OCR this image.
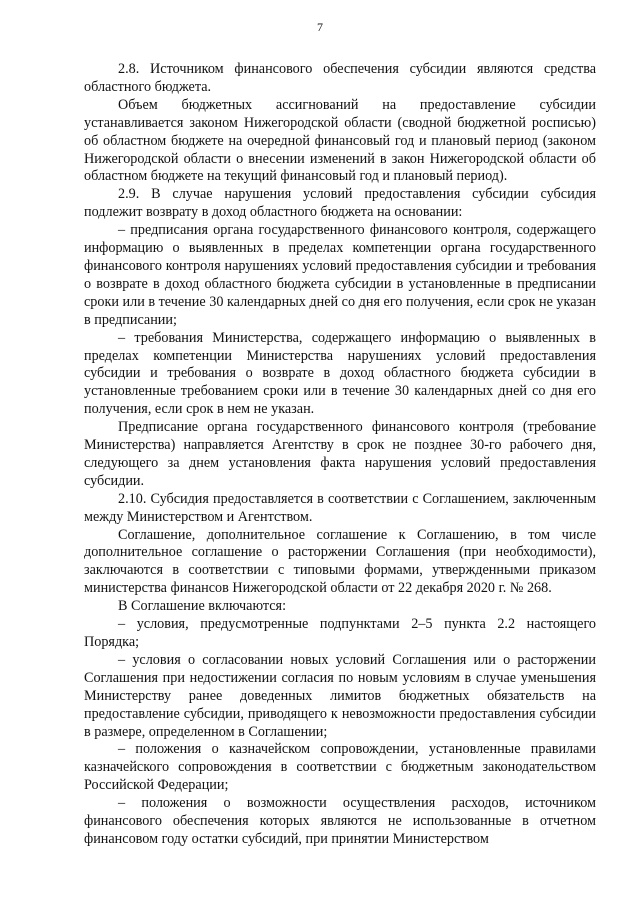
7

2.8. Источником финансового обеспечения субсидии являются средства областного бюджета.

Объем бюджетных ассигнований на предоставление субсидии устанавливается законом Нижегородской области (сводной бюджетной росписью) об областном бюджете на очередной финансовый год и плановый период (законом Нижегородской области о внесении изменений в закон Нижегородской области об областном бюджете на текущий финансовый год и плановый период).

2.9. В случае нарушения условий предоставления субсидии субсидия подлежит возврату в доход областного бюджета на основании:

– предписания органа государственного финансового контроля, содержащего информацию о выявленных в пределах компетенции органа государственного финансового контроля нарушениях условий предоставления субсидии и требования о возврате в доход областного бюджета субсидии в установленные в предписании сроки или в течение 30 календарных дней со дня его получения, если срок не указан в предписании;

– требования Министерства, содержащего информацию о выявленных в пределах компетенции Министерства нарушениях условий предоставления субсидии и требования о возврате в доход областного бюджета субсидии в установленные требованием сроки или в течение 30 календарных дней со дня его получения, если срок в нем не указан.

Предписание органа государственного финансового контроля (требование Министерства) направляется Агентству в срок не позднее 30-го рабочего дня, следующего за днем установления факта нарушения условий предоставления субсидии.

2.10. Субсидия предоставляется в соответствии с Соглашением, заключенным между Министерством и Агентством.

Соглашение, дополнительное соглашение к Соглашению, в том числе дополнительное соглашение о расторжении Соглашения (при необходимости), заключаются в соответствии с типовыми формами, утвержденными приказом министерства финансов Нижегородской области от 22 декабря 2020 г. № 268.

В Соглашение включаются:

– условия, предусмотренные подпунктами 2–5 пункта 2.2 настоящего Порядка;

– условия о согласовании новых условий Соглашения или о расторжении Соглашения при недостижении согласия по новым условиям в случае уменьшения Министерству ранее доведенных лимитов бюджетных обязательств на предоставление субсидии, приводящего к невозможности предоставления субсидии в размере, определенном в Соглашении;

– положения о казначейском сопровождении, установленные правилами казначейского сопровождения в соответствии с бюджетным законодательством Российской Федерации;

– положения о возможности осуществления расходов, источником финансового обеспечения которых являются не использованные в отчетном финансовом году остатки субсидий, при принятии Министерством
